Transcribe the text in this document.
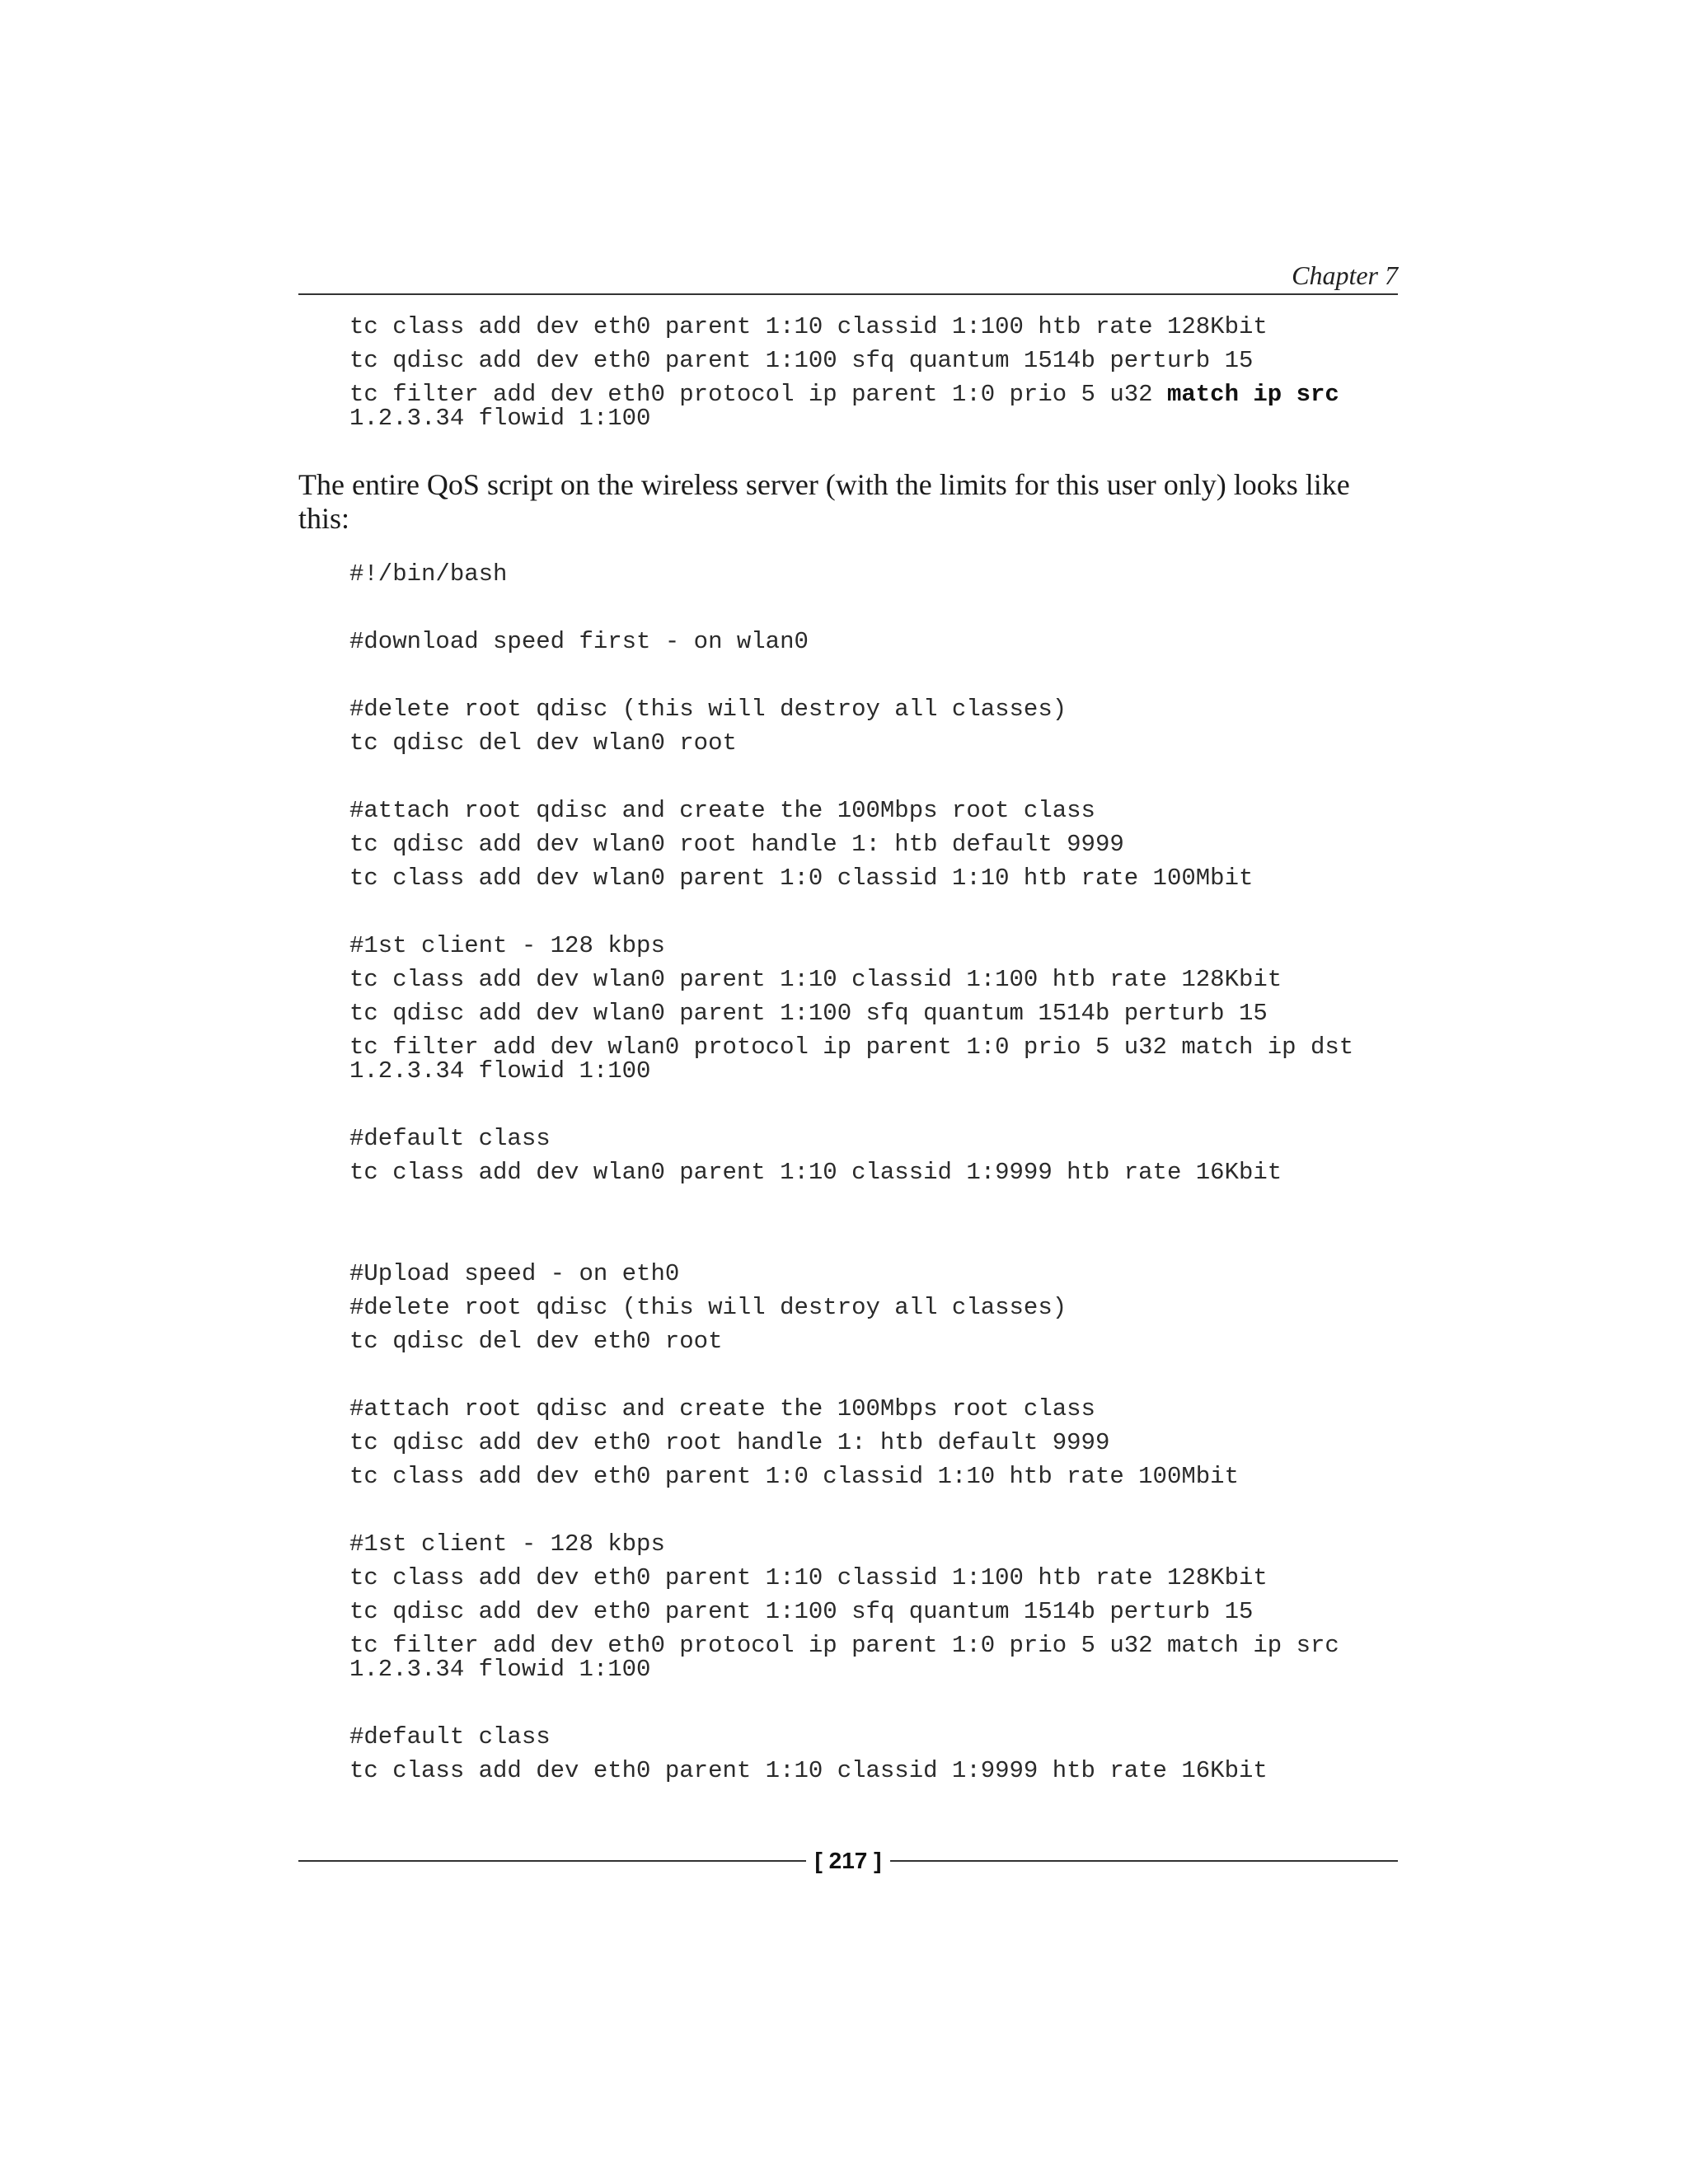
Chapter 7
tc class add dev eth0 parent 1:10 classid 1:100 htb rate 128Kbit
tc qdisc add dev eth0 parent 1:100 sfq quantum 1514b perturb 15
tc filter add dev eth0 protocol ip parent 1:0 prio 5 u32 match ip src
1.2.3.34 flowid 1:100

The entire QoS script on the wireless server (with the limits for this user only) looks like this:

#!/bin/bash
#download speed first - on wlan0
#delete root qdisc (this will destroy all classes)
tc qdisc del dev wlan0 root
#attach root qdisc and create the 100Mbps root class
tc qdisc add dev wlan0 root handle 1: htb default 9999
tc class add dev wlan0 parent 1:0 classid 1:10 htb rate 100Mbit
#1st client - 128 kbps
tc class add dev wlan0 parent 1:10 classid 1:100 htb rate 128Kbit
tc qdisc add dev wlan0 parent 1:100 sfq quantum 1514b perturb 15
tc filter add dev wlan0 protocol ip parent 1:0 prio 5 u32 match ip dst
1.2.3.34 flowid 1:100
#default class
tc class add dev wlan0 parent 1:10 classid 1:9999 htb rate 16Kbit
#Upload speed - on eth0
#delete root qdisc (this will destroy all classes)
tc qdisc del dev eth0 root
#attach root qdisc and create the 100Mbps root class
tc qdisc add dev eth0 root handle 1: htb default 9999
tc class add dev eth0 parent 1:0 classid 1:10 htb rate 100Mbit
#1st client - 128 kbps
tc class add dev eth0 parent 1:10 classid 1:100 htb rate 128Kbit
tc qdisc add dev eth0 parent 1:100 sfq quantum 1514b perturb 15
tc filter add dev eth0 protocol ip parent 1:0 prio 5 u32 match ip src
1.2.3.34 flowid 1:100
#default class
tc class add dev eth0 parent 1:10 classid 1:9999 htb rate 16Kbit
[ 217 ]
